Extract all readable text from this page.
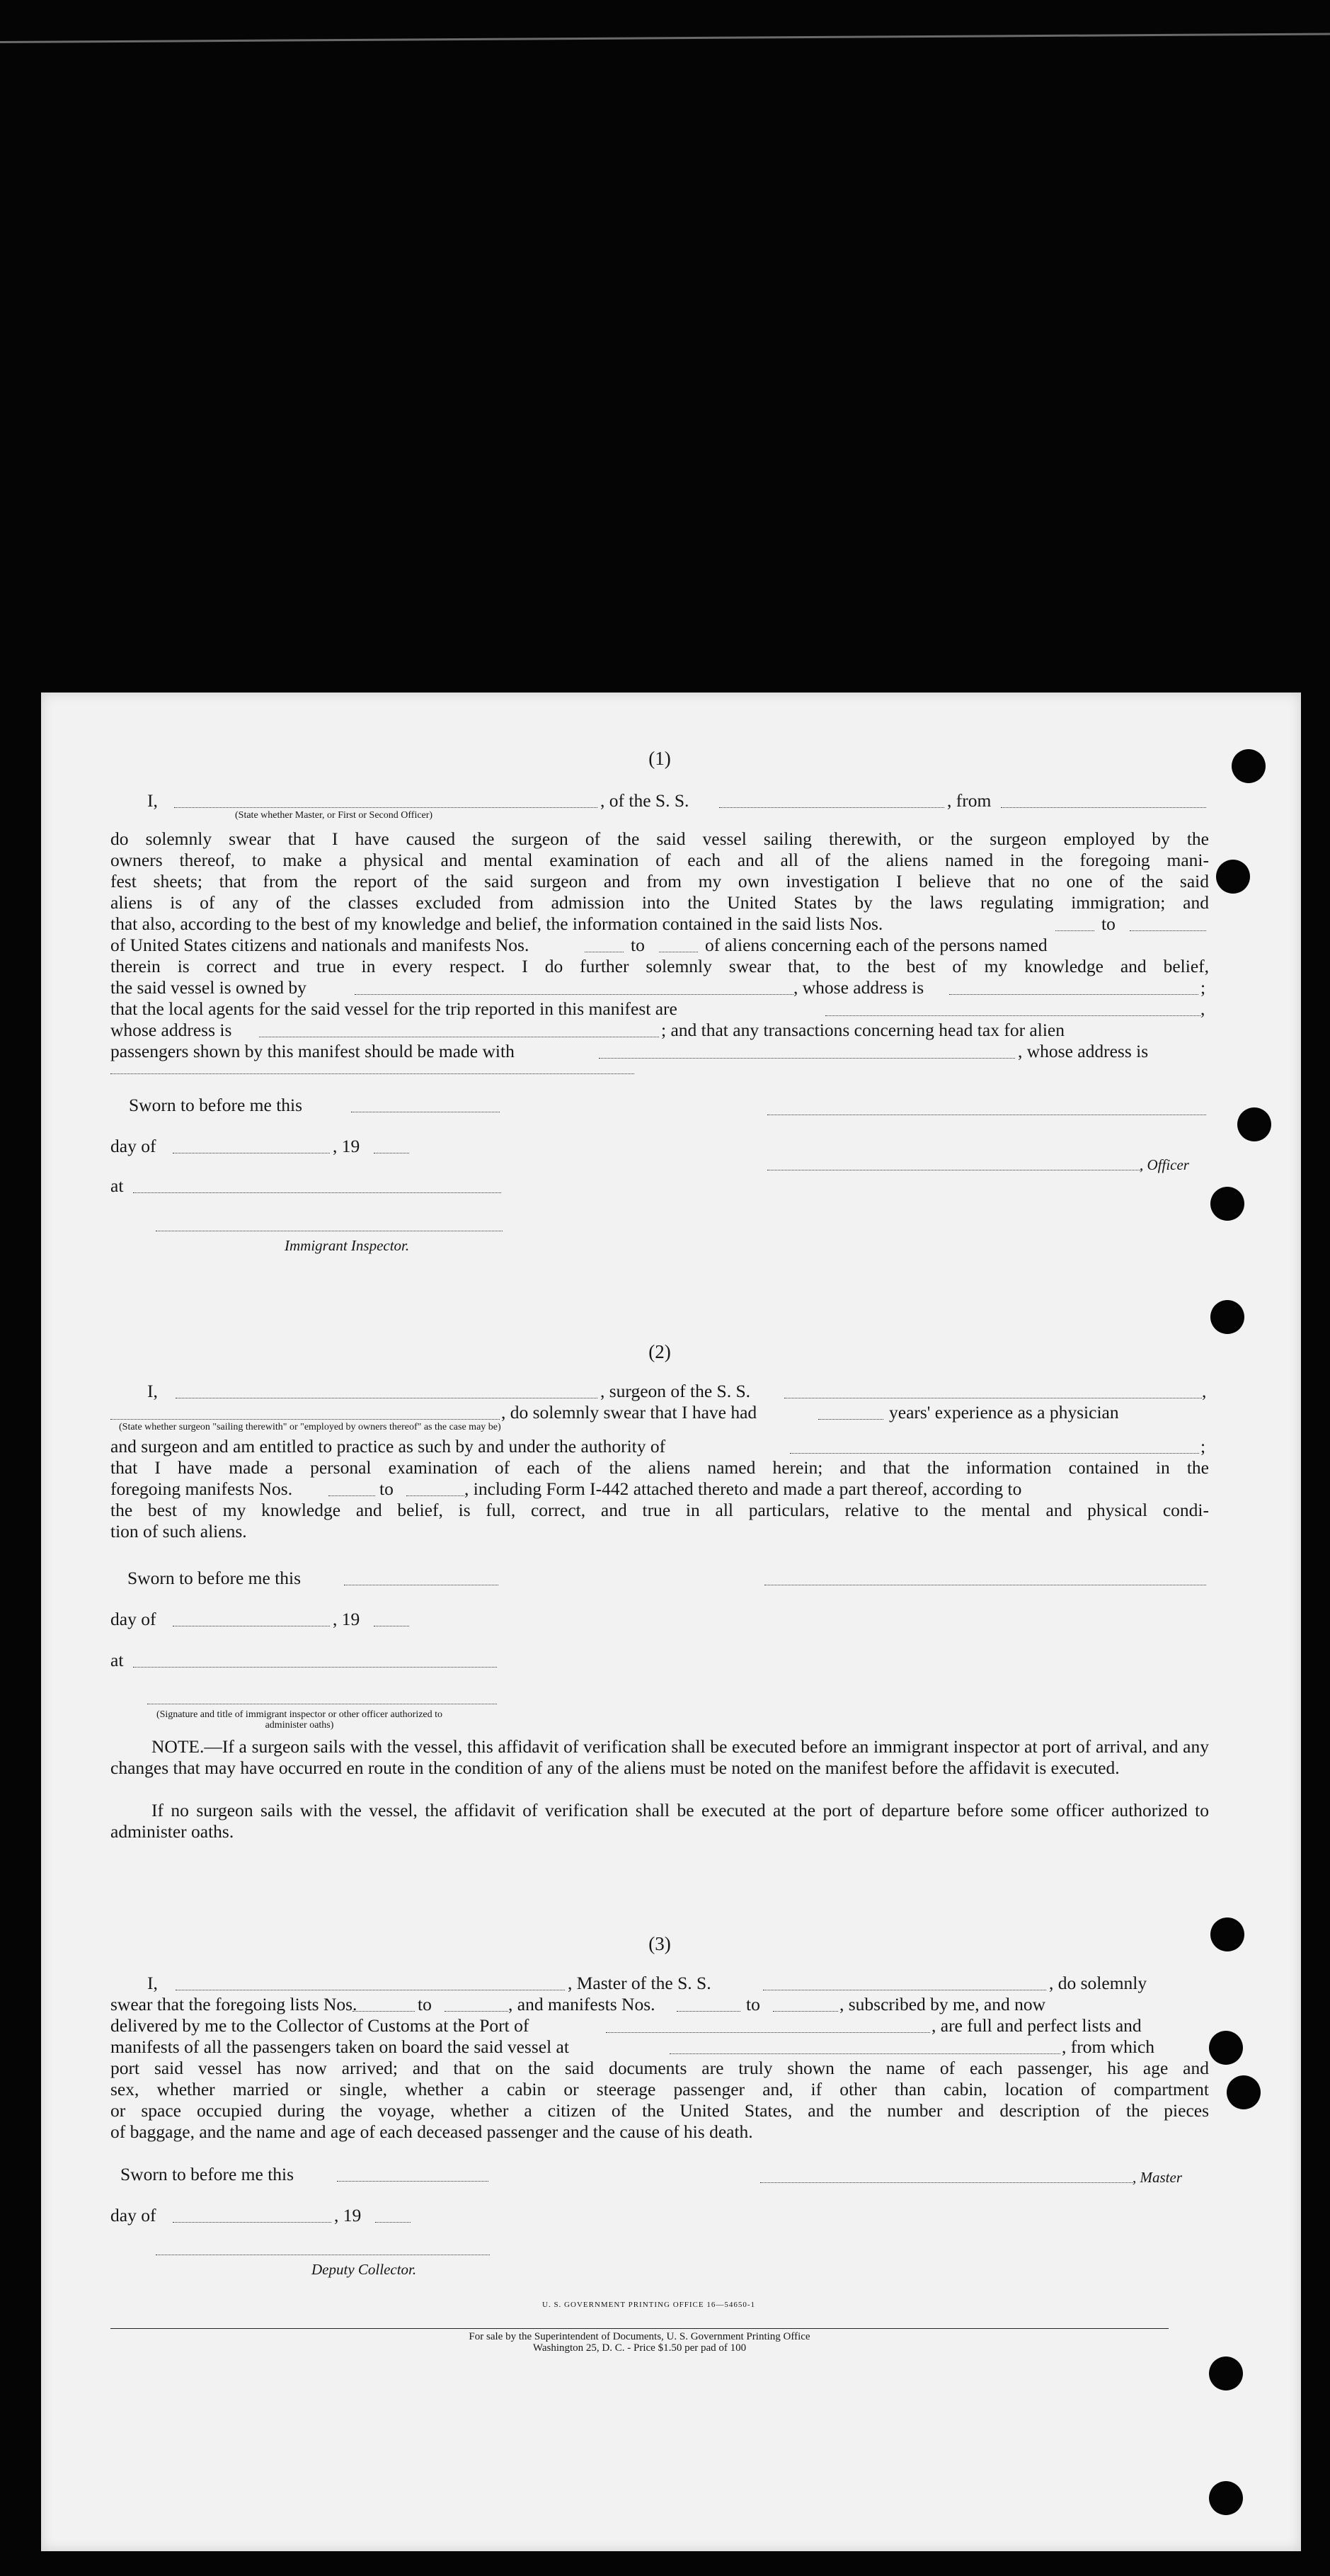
(1)
I,	, of the S. S.	, from
(State whether Master, or First or Second Officer)
do solemnly swear that I have caused the surgeon of the said vessel sailing therewith, or the surgeon employed by the
owners thereof, to make a physical and mental examination of each and all of the aliens named in the foregoing mani-
fest sheets; that from the report of the said surgeon and from my own investigation I believe that no one of the said
aliens is of any of the classes excluded from admission into the United States by the laws regulating immigration; and
that also, according to the best of my knowledge and belief, the information contained in the said lists Nos.	to
of United States citizens and nationals and manifests Nos.	to	of aliens concerning each of the persons named
therein is correct and true in every respect. I do further solemnly swear that, to the best of my knowledge and belief,
the said vessel is owned by	, whose address is	;
that the local agents for the said vessel for the trip reported in this manifest are	,
whose address is	; and that any transactions concerning head tax for alien
passengers shown by this manifest should be made with	, whose address is
Sworn to before me this
day of	, 19
, Officer
at
Immigrant Inspector.
(2)
I,	, surgeon of the S. S.	,
, do solemnly swear that I have had	years' experience as a physician
(State whether surgeon "sailing therewith" or "employed by owners thereof" as the case may be)
and surgeon and am entitled to practice as such by and under the authority of	;
that I have made a personal examination of each of the aliens named herein; and that the information contained in the
foregoing manifests Nos.	to	, including Form I-442 attached thereto and made a part thereof, according to
the best of my knowledge and belief, is full, correct, and true in all particulars, relative to the mental and physical condi-
tion of such aliens.
Sworn to before me this
day of	, 19
at
(Signature and title of immigrant inspector or other officer authorized to administer oaths)
NOTE.—If a surgeon sails with the vessel, this affidavit of verification shall be executed before an immigrant inspector at port of arrival, and any changes that may have occurred en route in the condition of any of the aliens must be noted on the manifest before the affidavit is executed.
If no surgeon sails with the vessel, the affidavit of verification shall be executed at the port of departure before some officer authorized to administer oaths.
(3)
I,	, Master of the S. S.	, do solemnly
swear that the foregoing lists Nos.	to	, and manifests Nos.	to	, subscribed by me, and now
delivered by me to the Collector of Customs at the Port of	, are full and perfect lists and
manifests of all the passengers taken on board the said vessel at	, from which
port said vessel has now arrived; and that on the said documents are truly shown the name of each passenger, his age and
sex, whether married or single, whether a cabin or steerage passenger and, if other than cabin, location of compartment
or space occupied during the voyage, whether a citizen of the United States, and the number and description of the pieces
of baggage, and the name and age of each deceased passenger and the cause of his death.
Sworn to before me this	, Master
day of	, 19
Deputy Collector.
U. S. GOVERNMENT PRINTING OFFICE 16—54650-1
For sale by the Superintendent of Documents, U. S. Government Printing Office
Washington 25, D. C. - Price $1.50 per pad of 100
